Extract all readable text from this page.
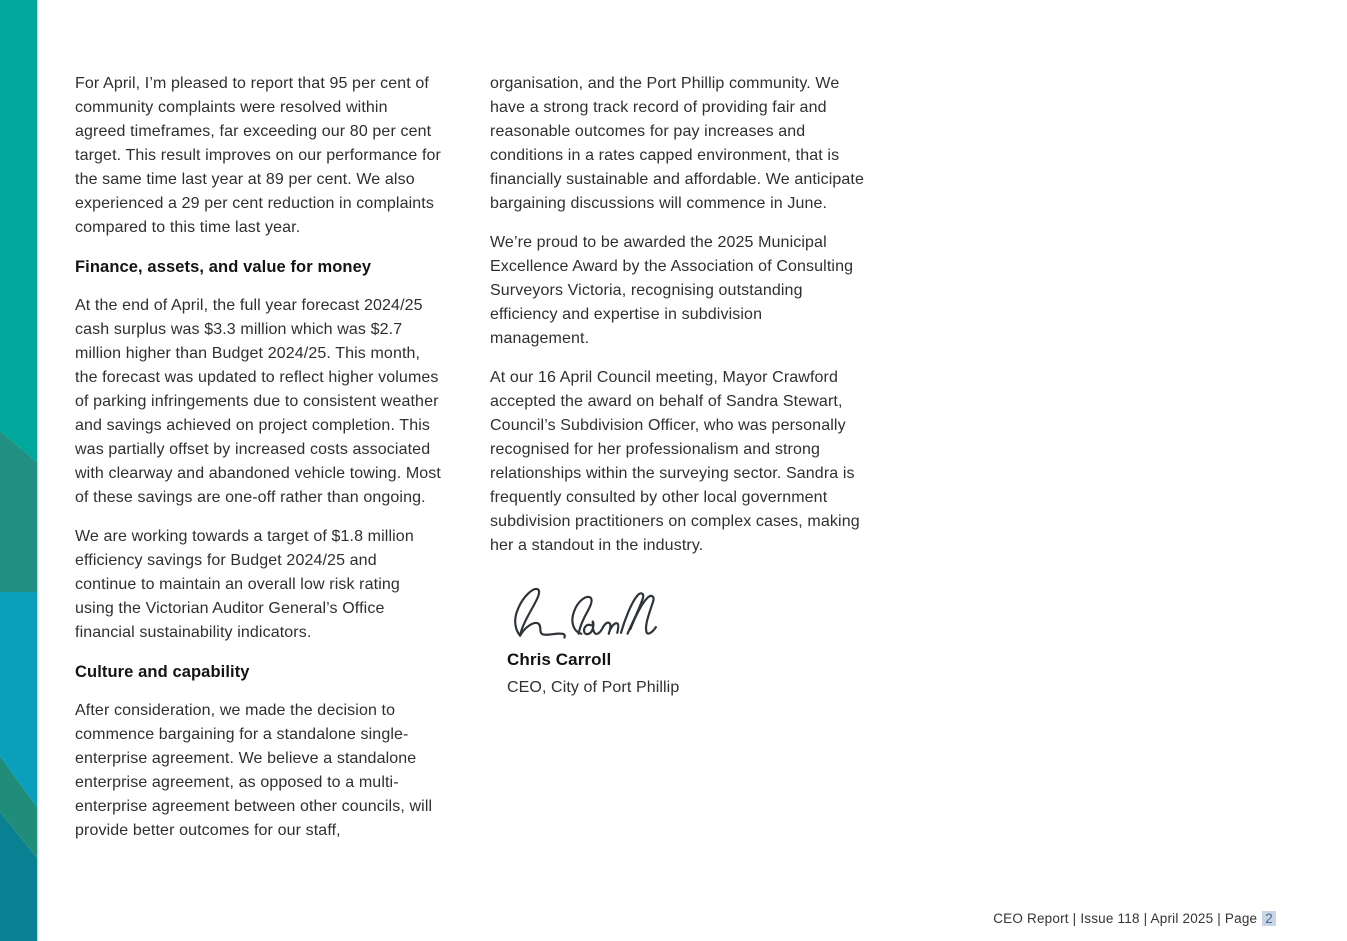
For April, I’m pleased to report that 95 per cent of community complaints were resolved within agreed timeframes, far exceeding our 80 per cent target. This result improves on our performance for the same time last year at 89 per cent. We also experienced a 29 per cent reduction in complaints compared to this time last year.

Finance, assets, and value for money

At the end of April, the full year forecast 2024/25 cash surplus was $3.3 million which was $2.7 million higher than Budget 2024/25. This month, the forecast was updated to reflect higher volumes of parking infringements due to consistent weather and savings achieved on project completion. This was partially offset by increased costs associated with clearway and abandoned vehicle towing. Most of these savings are one-off rather than ongoing.

We are working towards a target of $1.8 million efficiency savings for Budget 2024/25 and continue to maintain an overall low risk rating using the Victorian Auditor General’s Office financial sustainability indicators.

Culture and capability

After consideration, we made the decision to commence bargaining for a standalone single-enterprise agreement. We believe a standalone enterprise agreement, as opposed to a multi-enterprise agreement between other councils, will provide better outcomes for our staff,

organisation, and the Port Phillip community. We have a strong track record of providing fair and reasonable outcomes for pay increases and conditions in a rates capped environment, that is financially sustainable and affordable. We anticipate bargaining discussions will commence in June.

We’re proud to be awarded the 2025 Municipal Excellence Award by the Association of Consulting Surveyors Victoria, recognising outstanding efficiency and expertise in subdivision management.

At our 16 April Council meeting, Mayor Crawford accepted the award on behalf of Sandra Stewart, Council’s Subdivision Officer, who was personally recognised for her professionalism and strong relationships within the surveying sector. Sandra is frequently consulted by other local government subdivision practitioners on complex cases, making her a standout in the industry.

Chris Carroll
CEO, City of Port Phillip
CEO Report | Issue 118 | April 2025 | Page 2
